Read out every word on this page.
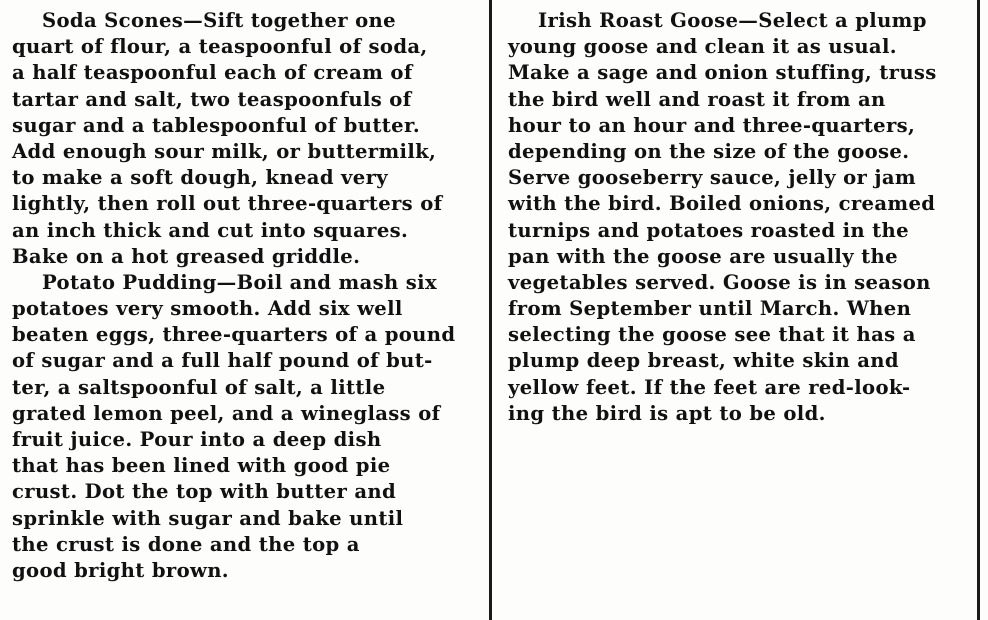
Soda Scones—Sift together one
quart of flour, a teaspoonful of soda,
a half teaspoonful each of cream of
tartar and salt, two teaspoonfuls of
sugar and a tablespoonful of butter.
Add enough sour milk, or buttermilk,
to make a soft dough, knead very
lightly, then roll out three-quarters of
an inch thick and cut into squares.
Bake on a hot greased griddle.
Potato Pudding—Boil and mash six
potatoes very smooth. Add six well
beaten eggs, three-quarters of a pound
of sugar and a full half pound of but-
ter, a saltspoonful of salt, a little
grated lemon peel, and a wineglass of
fruit juice. Pour into a deep dish
that has been lined with good pie
crust. Dot the top with butter and
sprinkle with sugar and bake until
the crust is done and the top a
good bright brown.
Irish Roast Goose—Select a plump
young goose and clean it as usual.
Make a sage and onion stuffing, truss
the bird well and roast it from an
hour to an hour and three-quarters,
depending on the size of the goose.
Serve gooseberry sauce, jelly or jam
with the bird. Boiled onions, creamed
turnips and potatoes roasted in the
pan with the goose are usually the
vegetables served. Goose is in season
from September until March. When
selecting the goose see that it has a
plump deep breast, white skin and
yellow feet. If the feet are red-look-
ing the bird is apt to be old.
